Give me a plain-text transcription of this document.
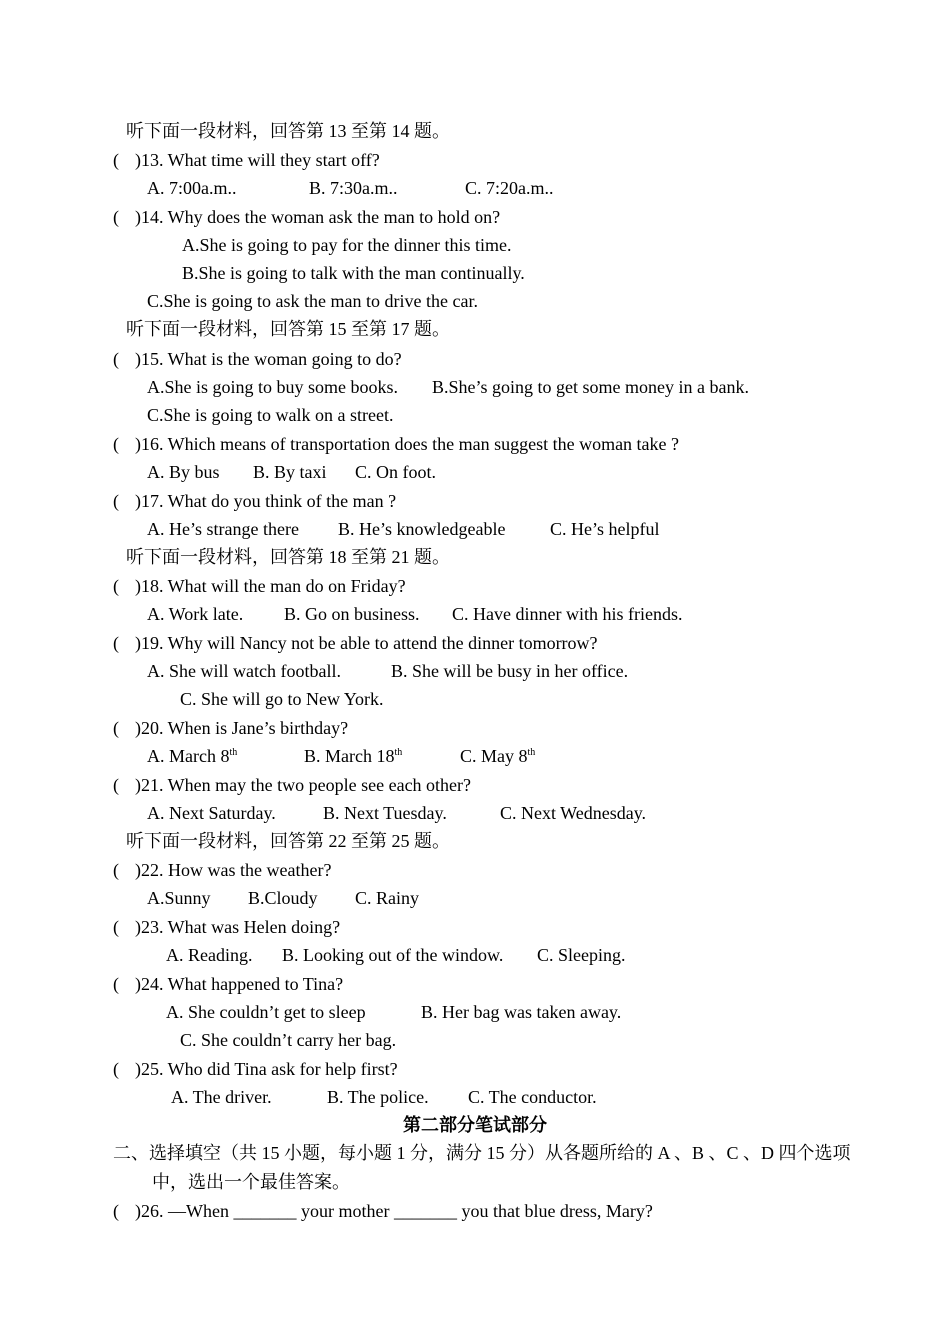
听下面一段材料，回答第 13 至第 14 题。
( )13. What time will they start off?
A. 7:00a.m..	B. 7:30a.m..	C. 7:20a.m..
( )14. Why does the woman ask the man to hold on?
A.She is going to pay for the dinner this time.
B.She is going to talk with the man continually.
C.She is going to ask the man to drive the car.
听下面一段材料，回答第 15 至第 17 题。
( )15. What is the woman going to do?
A.She is going to buy some books. B.She’s going to get some money in a bank.
C.She is going to walk on a street.
( )16. Which means of transportation does the man suggest the woman take ?
A. By bus B. By taxi C. On foot.
( )17. What do you think of the man ?
A. He’s strange there B. He’s knowledgeable C. He’s helpful
听下面一段材料，回答第 18 至第 21 题。
( )18. What will the man do on Friday?
A. Work late. B. Go on business. C. Have dinner with his friends.
( )19. Why will Nancy not be able to attend the dinner tomorrow?
A. She will watch football.	B. She will be busy in her office.
C. She will go to New York.
( )20. When is Jane’s birthday?
A. March 8th	B. March 18th	C. May 8th
( )21. When may the two people see each other?
A. Next Saturday.	B. Next Tuesday.	C. Next Wednesday.
听下面一段材料，回答第 22 至第 25 题。
( )22. How was the weather?
A.Sunny B.Cloudy C. Rainy
( )23. What was Helen doing?
A. Reading. B. Looking out of the window. C. Sleeping.
( )24. What happened to Tina?
A. She couldn’t get to sleep	B. Her bag was taken away.
C. She couldn’t carry her bag.
( )25. Who did Tina ask for help first?
A. The driver.	B. The police. C. The conductor.
第二部分笔试部分
二、选择填空（共 15 小题，每小题 1 分，满分 15 分）从各题所给的 A 、B 、C 、D 四个选项
中，选出一个最佳答案。
( )26. —When _______ your mother _______ you that blue dress, Mary?
